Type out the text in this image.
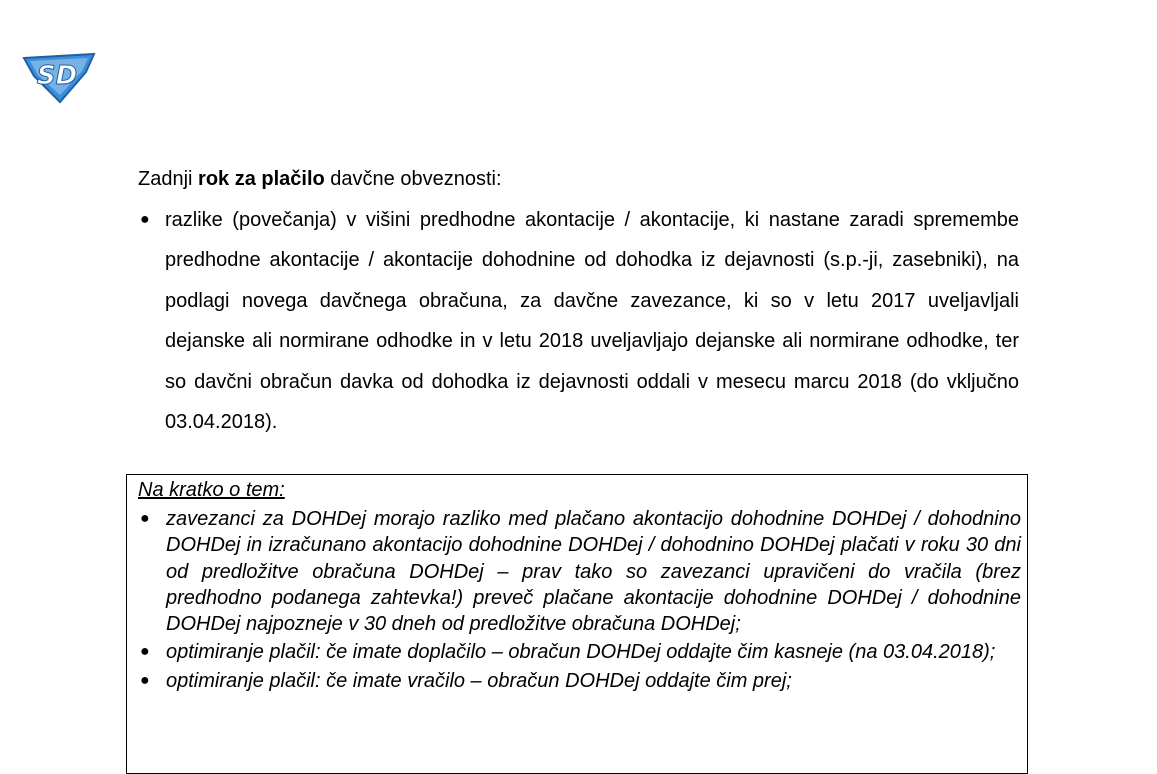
SD

Zadnji rok za plačilo davčne obveznosti:

● razlike (povečanja) v višini predhodne akontacije / akontacije, ki nastane zaradi spremembe predhodne akontacije / akontacije dohodnine od dohodka iz dejavnosti (s.p.-ji, zasebniki), na podlagi novega davčnega obračuna, za davčne zavezance, ki so v letu 2017 uveljavljali dejanske ali normirane odhodke in v letu 2018 uveljavljajo dejanske ali normirane odhodke, ter so davčni obračun davka od dohodka iz dejavnosti oddali v mesecu marcu 2018 (do vključno 03.04.2018).

Na kratko o tem:

● zavezanci za DOHDej morajo razliko med plačano akontacijo dohodnine DOHDej / dohodnino DOHDej in izračunano akontacijo dohodnine DOHDej / dohodnino DOHDej plačati v roku 30 dni od predložitve obračuna DOHDej – prav tako so zavezanci upravičeni do vračila (brez predhodno podanega zahtevka!) preveč plačane akontacije dohodnine DOHDej / dohodnine DOHDej najpozneje v 30 dneh od predložitve obračuna DOHDej;
● optimiranje plačil: če imate doplačilo – obračun DOHDej oddajte čim kasneje (na 03.04.2018);
● optimiranje plačil: če imate vračilo – obračun DOHDej oddajte čim prej;
